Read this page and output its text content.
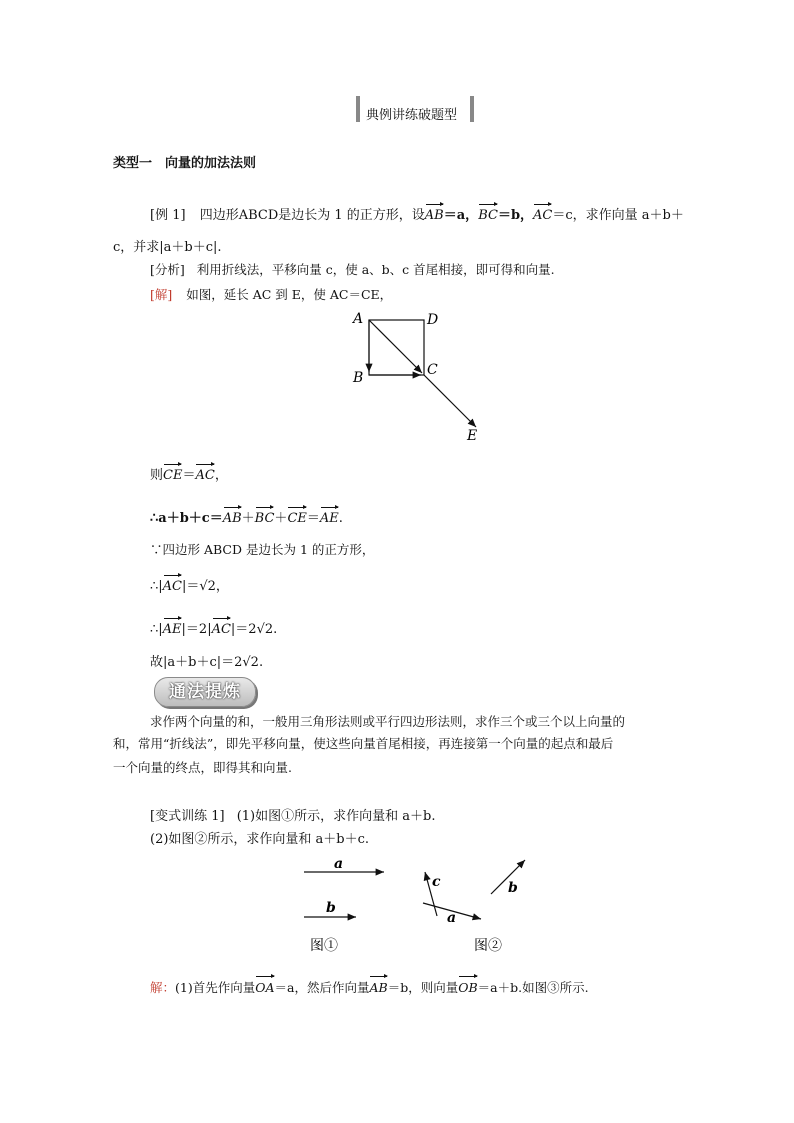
典例讲练破题型
类型一　向量的加法法则
[例 1] 四边形ABCD是边长为 1 的正方形，设AB＝a，BC＝b，AC＝c，求作向量 a＋b＋
c，并求|a＋b＋c|.
[分析] 利用折线法，平移向量 c，使 a、b、c 首尾相接，即可得和向量.
[解] 如图，延长 AC 到 E，使 AC＝CE，
A	D
B	C
E
则CE＝AC，
∴a＋b＋c＝AB＋BC＋CE＝AE.
∵四边形 ABCD 是边长为 1 的正方形，
∴|AC|＝√2，
∴|AE|＝2|AC|＝2√2.
故|a＋b＋c|＝2√2.
通法提炼
求作两个向量的和，一般用三角形法则或平行四边形法则，求作三个或三个以上向量的
和，常用“折线法”，即先平移向量，使这些向量首尾相接，再连接第一个向量的起点和最后
一个向量的终点，即得其和向量.
[变式训练 1] (1)如图①所示，求作向量和 a＋b.
(2)如图②所示，求作向量和 a＋b＋c.
a
b
图①
c
a
b
图②
解：(1)首先作向量OA＝a，然后作向量AB＝b，则向量OB＝a＋b.如图③所示.
